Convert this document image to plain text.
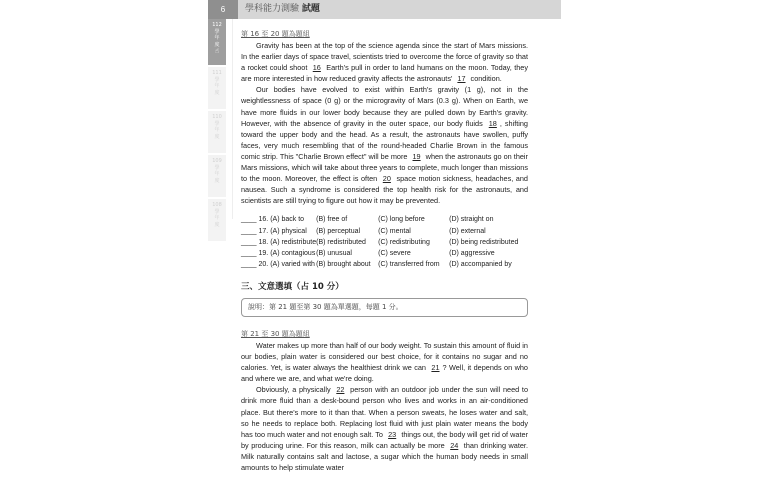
6	學科能力測驗 試題
112
學
年
度
☝
111
學
年
度
110
學
年
度
109
學
年
度
108
學
年
度
第 16 至 20 題為題組

Gravity has been at the top of the science agenda since the start of Mars missions. In the earlier days of space travel, scientists tried to overcome the force of gravity so that a rocket could shoot 16 Earth's pull in order to land humans on the moon. Today, they are more interested in how reduced gravity affects the astronauts' 17 condition.

Our bodies have evolved to exist within Earth's gravity (1 g), not in the weightlessness of space (0 g) or the microgravity of Mars (0.3 g). When on Earth, we have more fluids in our lower body because they are pulled down by Earth's gravity. However, with the absence of gravity in the outer space, our body fluids 18 , shifting toward the upper body and the head. As a result, the astronauts have swollen, puffy faces, very much resembling that of the round-headed Charlie Brown in the famous comic strip. This "Charlie Brown effect" will be more 19 when the astronauts go on their Mars missions, which will take about three years to complete, much longer than missions to the moon. Moreover, the effect is often 20 space motion sickness, headaches, and nausea. Such a syndrome is considered the top health risk for the astronauts, and scientists are still trying to figure out how it may be prevented.

____ 16. (A) back to	(B) free of	(C) long before	(D) straight on
____ 17. (A) physical	(B) perceptual	(C) mental	(D) external
____ 18. (A) redistribute	(B) redistributed	(C) redistributing	(D) being redistributed
____ 19. (A) contagious	(B) unusual	(C) severe	(D) aggressive
____ 20. (A) varied with	(B) brought about	(C) transferred from	(D) accompanied by
三、文意選填（占 10 分）
說明：第 21 題至第 30 題為單選題，每題 1 分。
第 21 至 30 題為題組

Water makes up more than half of our body weight. To sustain this amount of fluid in our bodies, plain water is considered our best choice, for it contains no sugar and no calories. Yet, is water always the healthiest drink we can 21 ? Well, it depends on who and where we are, and what we're doing.

Obviously, a physically 22 person with an outdoor job under the sun will need to drink more fluid than a desk-bound person who lives and works in an air-conditioned place. But there's more to it than that. When a person sweats, he loses water and salt, so he needs to replace both. Replacing lost fluid with just plain water means the body has too much water and not enough salt. To 23 things out, the body will get rid of water by producing urine. For this reason, milk can actually be more 24 than drinking water. Milk naturally contains salt and lactose, a sugar which the human body needs in small amounts to help stimulate water
